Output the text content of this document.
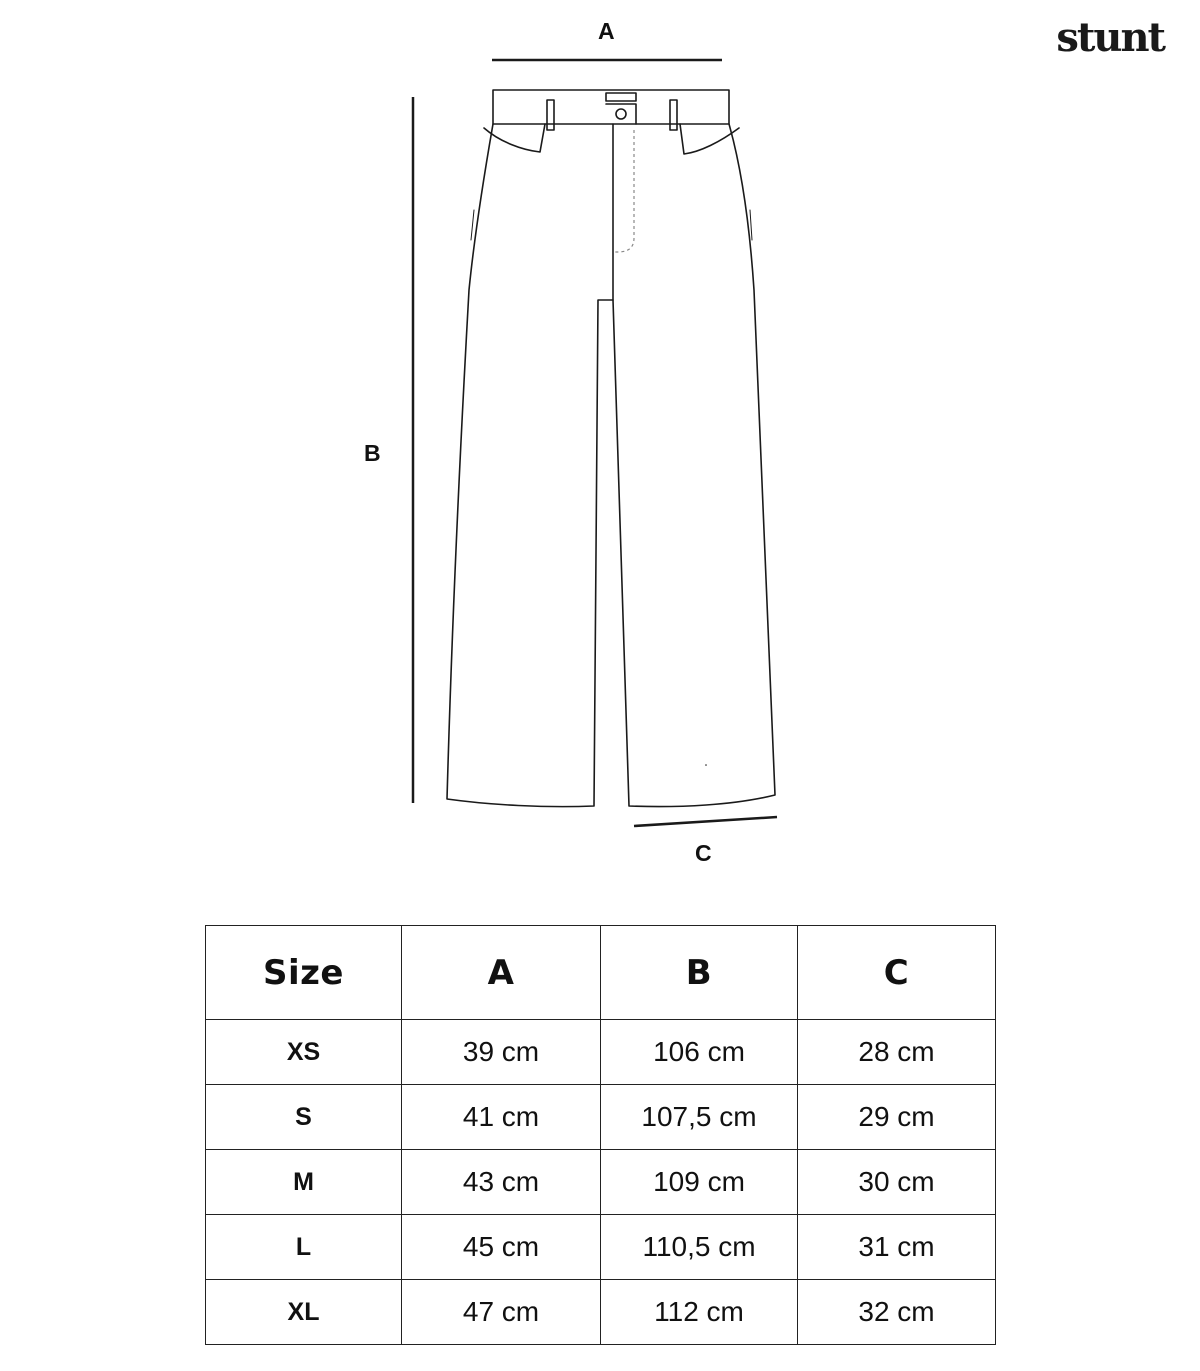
stunt
A
B
C
Size	A	B	C
XS	39 cm	106 cm	28 cm
S	41 cm	107,5 cm	29 cm
M	43 cm	109 cm	30 cm
L	45 cm	110,5 cm	31 cm
XL	47 cm	112 cm	32 cm
